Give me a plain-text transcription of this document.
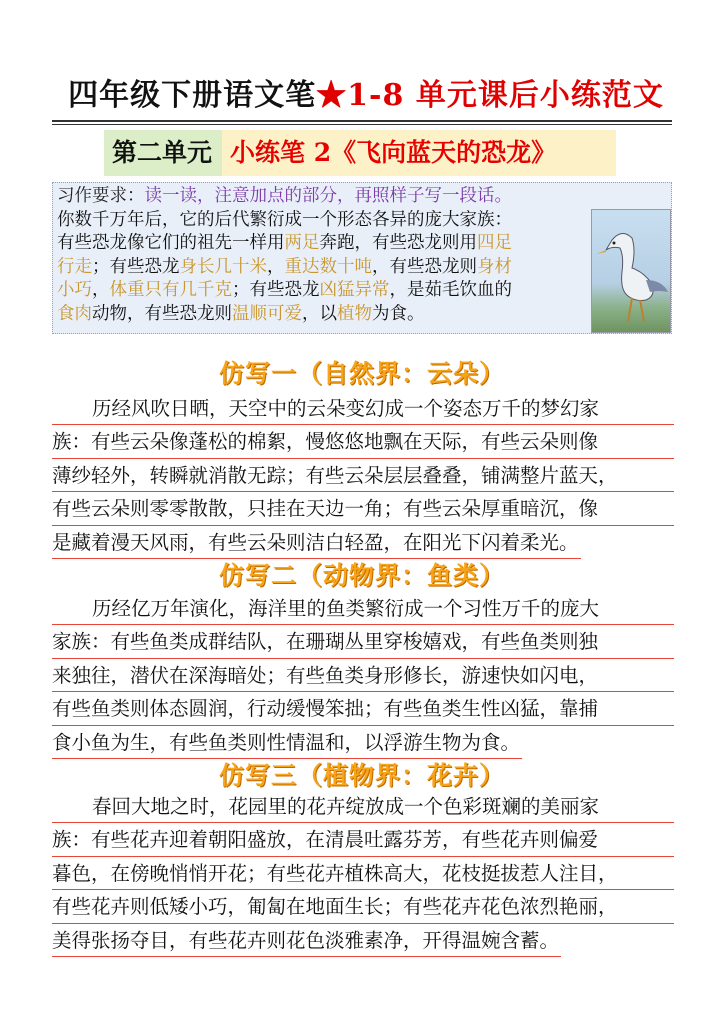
四年级下册语文笔★1-8 单元课后小练范文
第二单元 小练笔 2《飞向蓝天的恐龙》
习作要求：读一读，注意加点的部分，再照样子写一段话。
你数千万年后，它的后代繁衍成一个形态各异的庞大家族：
有些恐龙像它们的祖先一样用两足奔跑，有些恐龙则用四足
行走；有些恐龙身长几十米，重达数十吨，有些恐龙则身材
小巧，体重只有几千克；有些恐龙凶猛异常，是茹毛饮血的
食肉动物，有些恐龙则温顺可爱，以植物为食。
仿写一（自然界：云朵）
历经风吹日晒，天空中的云朵变幻成一个姿态万千的梦幻家
族：有些云朵像蓬松的棉絮，慢悠悠地飘在天际，有些云朵则像
薄纱轻外，转瞬就消散无踪；有些云朵层层叠叠，铺满整片蓝天，
有些云朵则零零散散，只挂在天边一角；有些云朵厚重暗沉，像
是藏着漫天风雨，有些云朵则洁白轻盈，在阳光下闪着柔光。
仿写二（动物界：鱼类）
历经亿万年演化，海洋里的鱼类繁衍成一个习性万千的庞大
家族：有些鱼类成群结队，在珊瑚丛里穿梭嬉戏，有些鱼类则独
来独往，潜伏在深海暗处；有些鱼类身形修长，游速快如闪电，
有些鱼类则体态圆润，行动缓慢笨拙；有些鱼类生性凶猛，靠捕
食小鱼为生，有些鱼类则性情温和，以浮游生物为食。
仿写三（植物界：花卉）
春回大地之时，花园里的花卉绽放成一个色彩斑斓的美丽家
族：有些花卉迎着朝阳盛放，在清晨吐露芬芳，有些花卉则偏爱
暮色，在傍晚悄悄开花；有些花卉植株高大，花枝挺拔惹人注目，
有些花卉则低矮小巧，匍匐在地面生长；有些花卉花色浓烈艳丽，
美得张扬夺目，有些花卉则花色淡雅素净，开得温婉含蓄。
